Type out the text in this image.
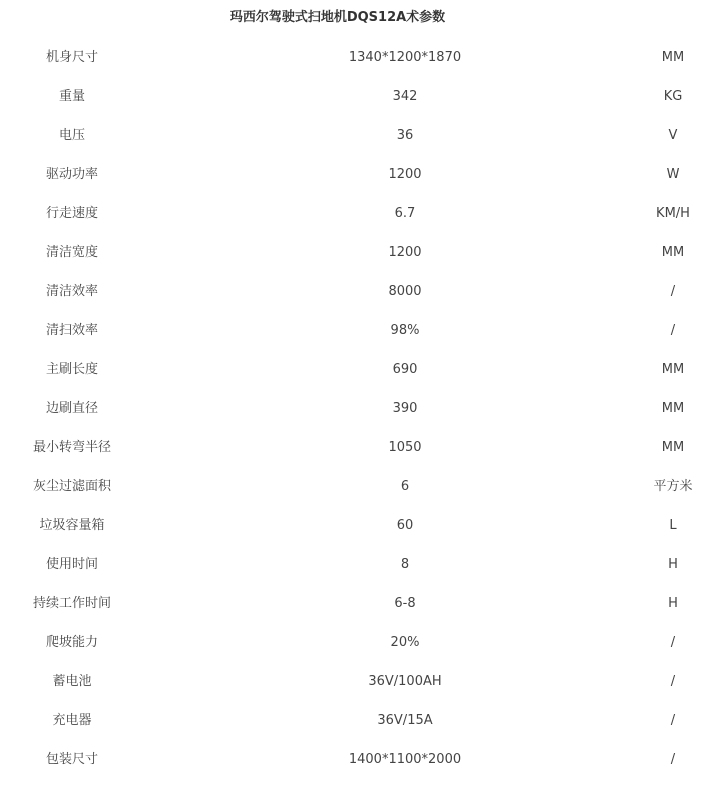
玛西尔驾驶式扫地机DQS12A术参数
机身尺寸	1340*1200*1870	MM
重量	342	KG
电压	36	V
驱动功率	1200	W
行走速度	6.7	KM/H
清洁宽度	1200	MM
清洁效率	8000	/
清扫效率	98%	/
主刷长度	690	MM
边刷直径	390	MM
最小转弯半径	1050	MM
灰尘过滤面积	6	平方米
垃圾容量箱	60	L
使用时间	8	H
持续工作时间	6-8	H
爬坡能力	20%	/
蓄电池	36V/100AH	/
充电器	36V/15A	/
包装尺寸	1400*1100*2000	/
